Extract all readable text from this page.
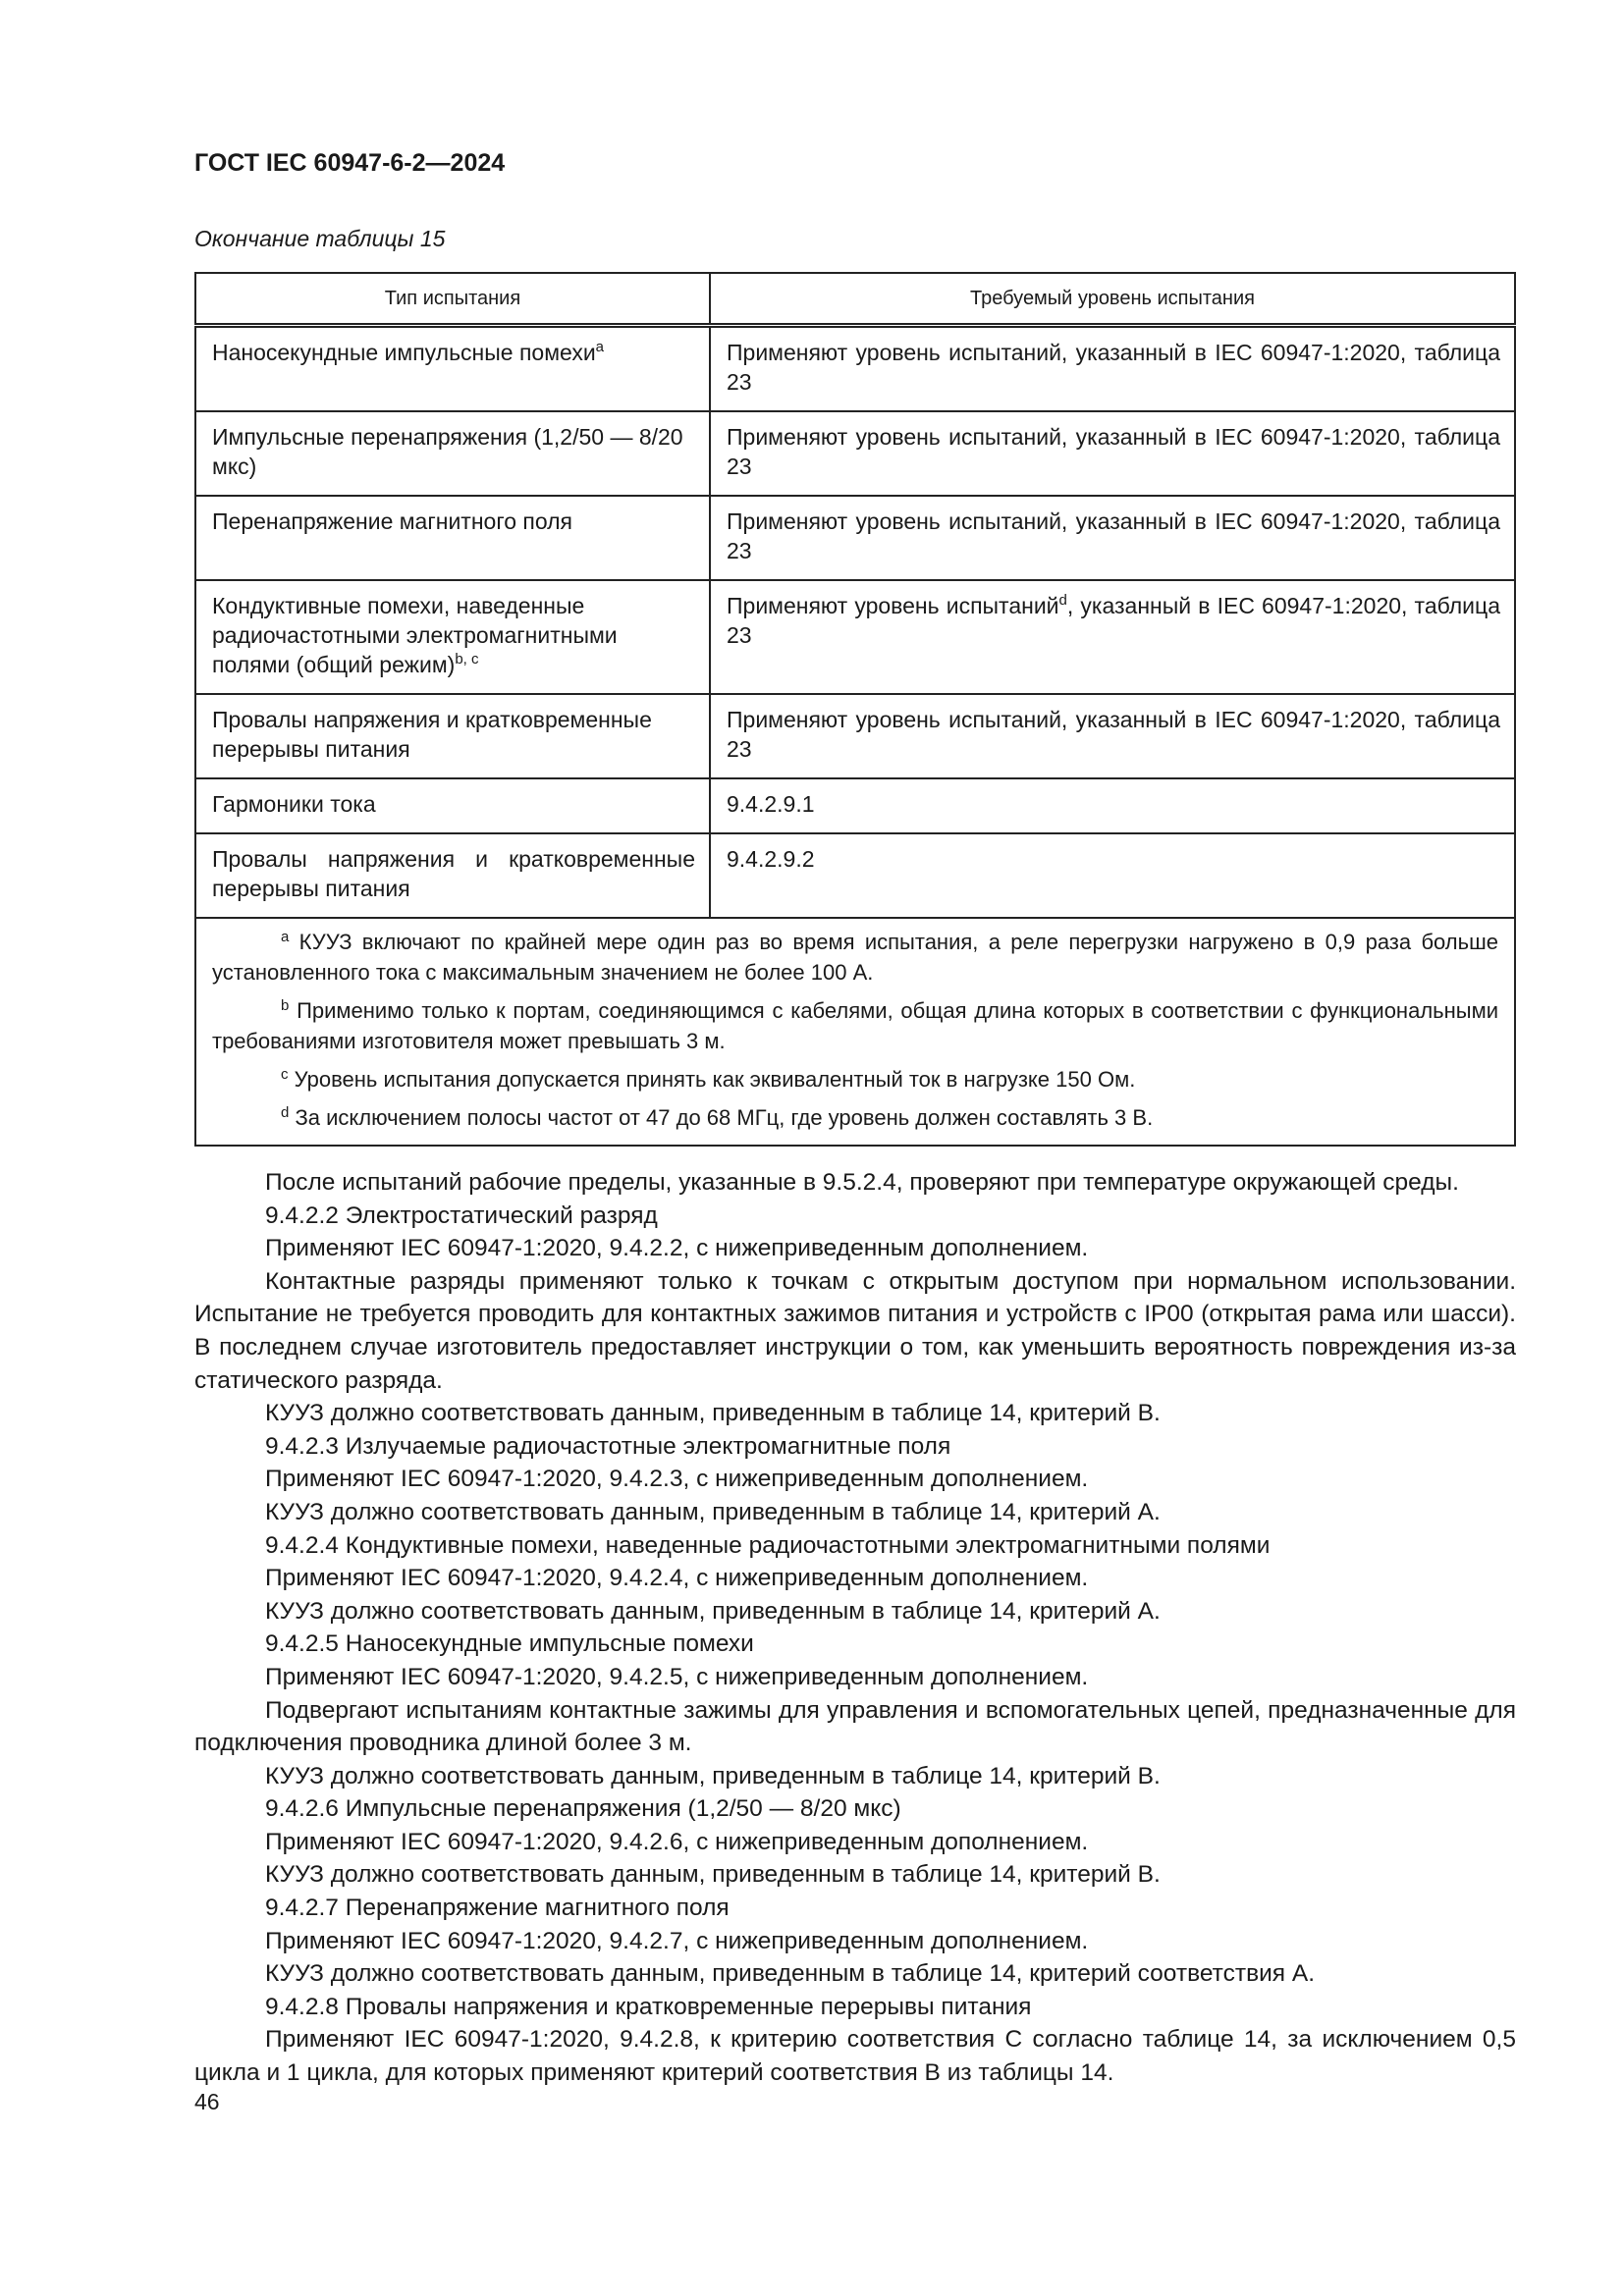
ГОСТ IEC 60947-6-2—2024
Окончание таблицы 15
Тип испытания	Требуемый уровень испытания
Наносекундные импульсные помехи$^a$	Применяют уровень испытаний, указанный в IEC 60947-1:2020, таблица 23
Импульсные перенапряжения (1,2/50 — 8/20 мкс)	Применяют уровень испытаний, указанный в IEC 60947-1:2020, таблица 23
Перенапряжение магнитного поля	Применяют уровень испытаний, указанный в IEC 60947-1:2020, таблица 23
Кондуктивные помехи, наведенные радиочастотными электромагнитными полями (общий режим)$^{b, c}$	Применяют уровень испытаний$^d$, указанный в IEC 60947-1:2020, таблица 23
Провалы напряжения и кратковременные перерывы питания	Применяют уровень испытаний, указанный в IEC 60947-1:2020, таблица 23
Гармоники тока	9.4.2.9.1
Провалы напряжения и кратковременные перерывы питания	9.4.2.9.2

$^a$ КУУЗ включают по крайней мере один раз во время испытания, а реле перегрузки нагружено в 0,9 раза больше установленного тока с максимальным значением не более 100 А.

$^b$ Применимо только к портам, соединяющимся с кабелями, общая длина которых в соответствии с функциональными требованиями изготовителя может превышать 3 м.

$^c$ Уровень испытания допускается принять как эквивалентный ток в нагрузке 150 Ом.

$^d$ За исключением полосы частот от 47 до 68 МГц, где уровень должен составлять 3 В.	

После испытаний рабочие пределы, указанные в 9.5.2.4, проверяют при температуре окружающей среды.

9.4.2.2 Электростатический разряд

Применяют IEC 60947-1:2020, 9.4.2.2, с нижеприведенным дополнением.

Контактные разряды применяют только к точкам с открытым доступом при нормальном использовании. Испытание не требуется проводить для контактных зажимов питания и устройств с IP00 (открытая рама или шасси). В последнем случае изготовитель предоставляет инструкции о том, как уменьшить вероятность повреждения из-за статического разряда.

КУУЗ должно соответствовать данным, приведенным в таблице 14, критерий В.

9.4.2.3 Излучаемые радиочастотные электромагнитные поля

Применяют IEC 60947-1:2020, 9.4.2.3, с нижеприведенным дополнением.

КУУЗ должно соответствовать данным, приведенным в таблице 14, критерий А.

9.4.2.4 Кондуктивные помехи, наведенные радиочастотными электромагнитными полями

Применяют IEC 60947-1:2020, 9.4.2.4, с нижеприведенным дополнением.

КУУЗ должно соответствовать данным, приведенным в таблице 14, критерий А.

9.4.2.5 Наносекундные импульсные помехи

Применяют IEC 60947-1:2020, 9.4.2.5, с нижеприведенным дополнением.

Подвергают испытаниям контактные зажимы для управления и вспомогательных цепей, предназначенные для подключения проводника длиной более 3 м.

КУУЗ должно соответствовать данным, приведенным в таблице 14, критерий В.

9.4.2.6 Импульсные перенапряжения (1,2/50 — 8/20 мкс)

Применяют IEC 60947-1:2020, 9.4.2.6, с нижеприведенным дополнением.

КУУЗ должно соответствовать данным, приведенным в таблице 14, критерий В.

9.4.2.7 Перенапряжение магнитного поля

Применяют IEC 60947-1:2020, 9.4.2.7, с нижеприведенным дополнением.

КУУЗ должно соответствовать данным, приведенным в таблице 14, критерий соответствия А.

9.4.2.8 Провалы напряжения и кратковременные перерывы питания

Применяют IEC 60947-1:2020, 9.4.2.8, к критерию соответствия С согласно таблице 14, за исключением 0,5 цикла и 1 цикла, для которых применяют критерий соответствия В из таблицы 14.

46
